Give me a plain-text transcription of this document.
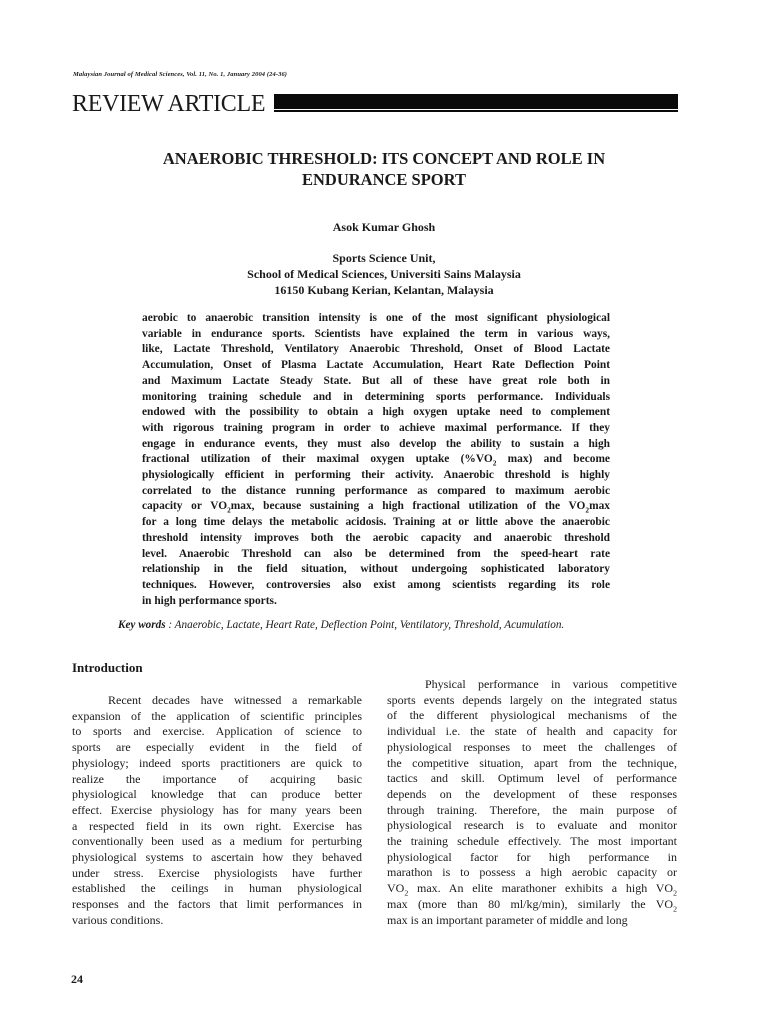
Malaysian Journal of Medical Sciences, Vol. 11, No. 1, January 2004 (24-36)
REVIEW ARTICLE
ANAEROBIC THRESHOLD: ITS CONCEPT AND ROLE IN
ENDURANCE SPORT
Asok Kumar Ghosh
Sports Science Unit,
School of Medical Sciences, Universiti Sains Malaysia
16150 Kubang Kerian, Kelantan, Malaysia
aerobic to anaerobic transition intensity is one of the most significant physiological
variable in endurance sports. Scientists have explained the term in various ways,
like, Lactate Threshold, Ventilatory Anaerobic Threshold, Onset of Blood Lactate
Accumulation, Onset of Plasma Lactate Accumulation, Heart Rate Deflection Point
and Maximum Lactate Steady State. But all of these have great role both in
monitoring training schedule and in determining sports performance. Individuals
endowed with the possibility to obtain a high oxygen uptake need to complement
with rigorous training program in order to achieve maximal performance. If they
engage in endurance events, they must also develop the ability to sustain a high
fractional utilization of their maximal oxygen uptake ($\%VO_2$ max) and become
physiologically efficient in performing their activity. Anaerobic threshold is highly
correlated to the distance running performance as compared to maximum aerobic
capacity or $VO_2\max$, because sustaining a high fractional utilization of the $VO_2\max$
for a long time delays the metabolic acidosis. Training at or little above the anaerobic
threshold intensity improves both the aerobic capacity and anaerobic threshold
level. Anaerobic Threshold can also be determined from the speed-heart rate
relationship in the field situation, without undergoing sophisticated laboratory
techniques. However, controversies also exist among scientists regarding its role
in high performance sports.
Key words : Anaerobic, Lactate, Heart Rate, Deflection Point, Ventilatory, Threshold, Acumulation.
Introduction
Recent decades have witnessed a remarkable
expansion of the application of scientific principles
to sports and exercise. Application of science to
sports are especially evident in the field of
physiology; indeed sports practitioners are quick to
realize the importance of acquiring basic
physiological knowledge that can produce better
effect. Exercise physiology has for many years been
a respected field in its own right. Exercise has
conventionally been used as a medium for perturbing
physiological systems to ascertain how they behaved
under stress. Exercise physiologists have further
established the ceilings in human physiological
responses and the factors that limit performances in
various conditions.
Physical performance in various competitive
sports events depends largely on the integrated status
of the different physiological mechanisms of the
individual i.e. the state of health and capacity for
physiological responses to meet the challenges of
the competitive situation, apart from the technique,
tactics and skill. Optimum level of performance
depends on the development of these responses
through training. Therefore, the main purpose of
physiological research is to evaluate and monitor
the training schedule effectively. The most important
physiological factor for high performance in
marathon is to possess a high aerobic capacity or
$VO_2$ max. An elite marathoner exhibits a high $VO_2$
max (more than 80 ml/kg/min), similarly the $VO_2$
max is an important parameter of middle and long
24
